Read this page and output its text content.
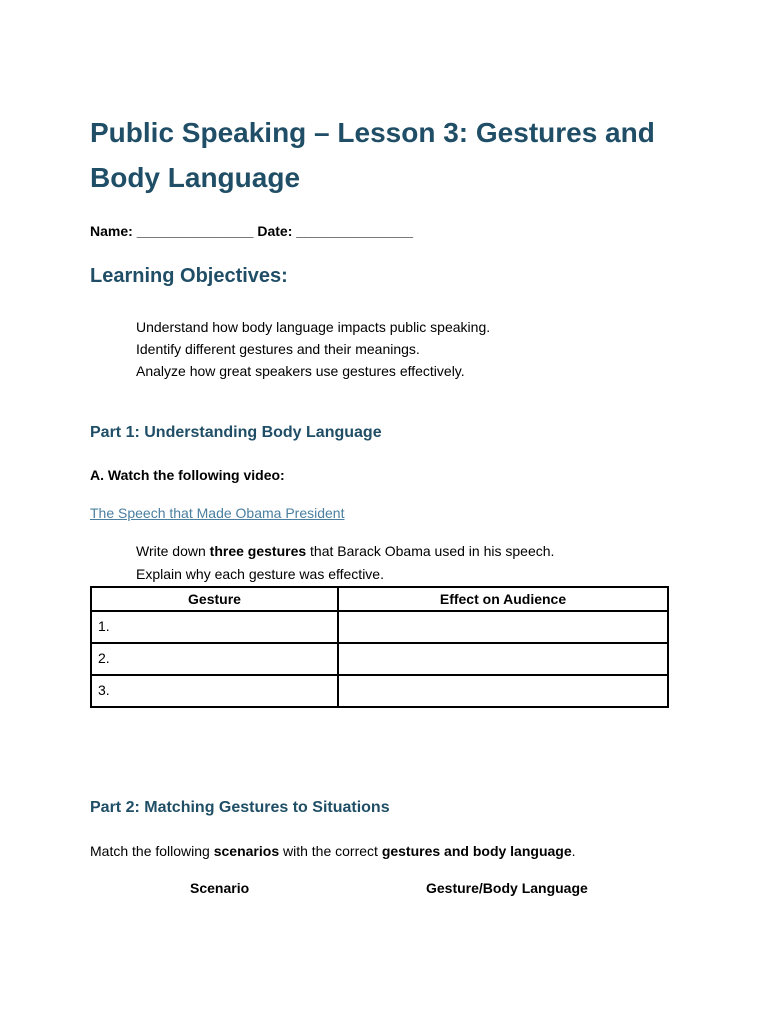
Public Speaking – Lesson 3: Gestures and Body Language
Name: _______________ Date: _______________
Learning Objectives:
Understand how body language impacts public speaking.
Identify different gestures and their meanings.
Analyze how great speakers use gestures effectively.
Part 1: Understanding Body Language
A. Watch the following video:
The Speech that Made Obama President
Write down three gestures that Barack Obama used in his speech.
Explain why each gesture was effective.
Gesture	Effect on Audience
1.	
2.	
3.	
Part 2: Matching Gestures to Situations
Match the following scenarios with the correct gestures and body language.
Scenario	Gesture/Body Language
